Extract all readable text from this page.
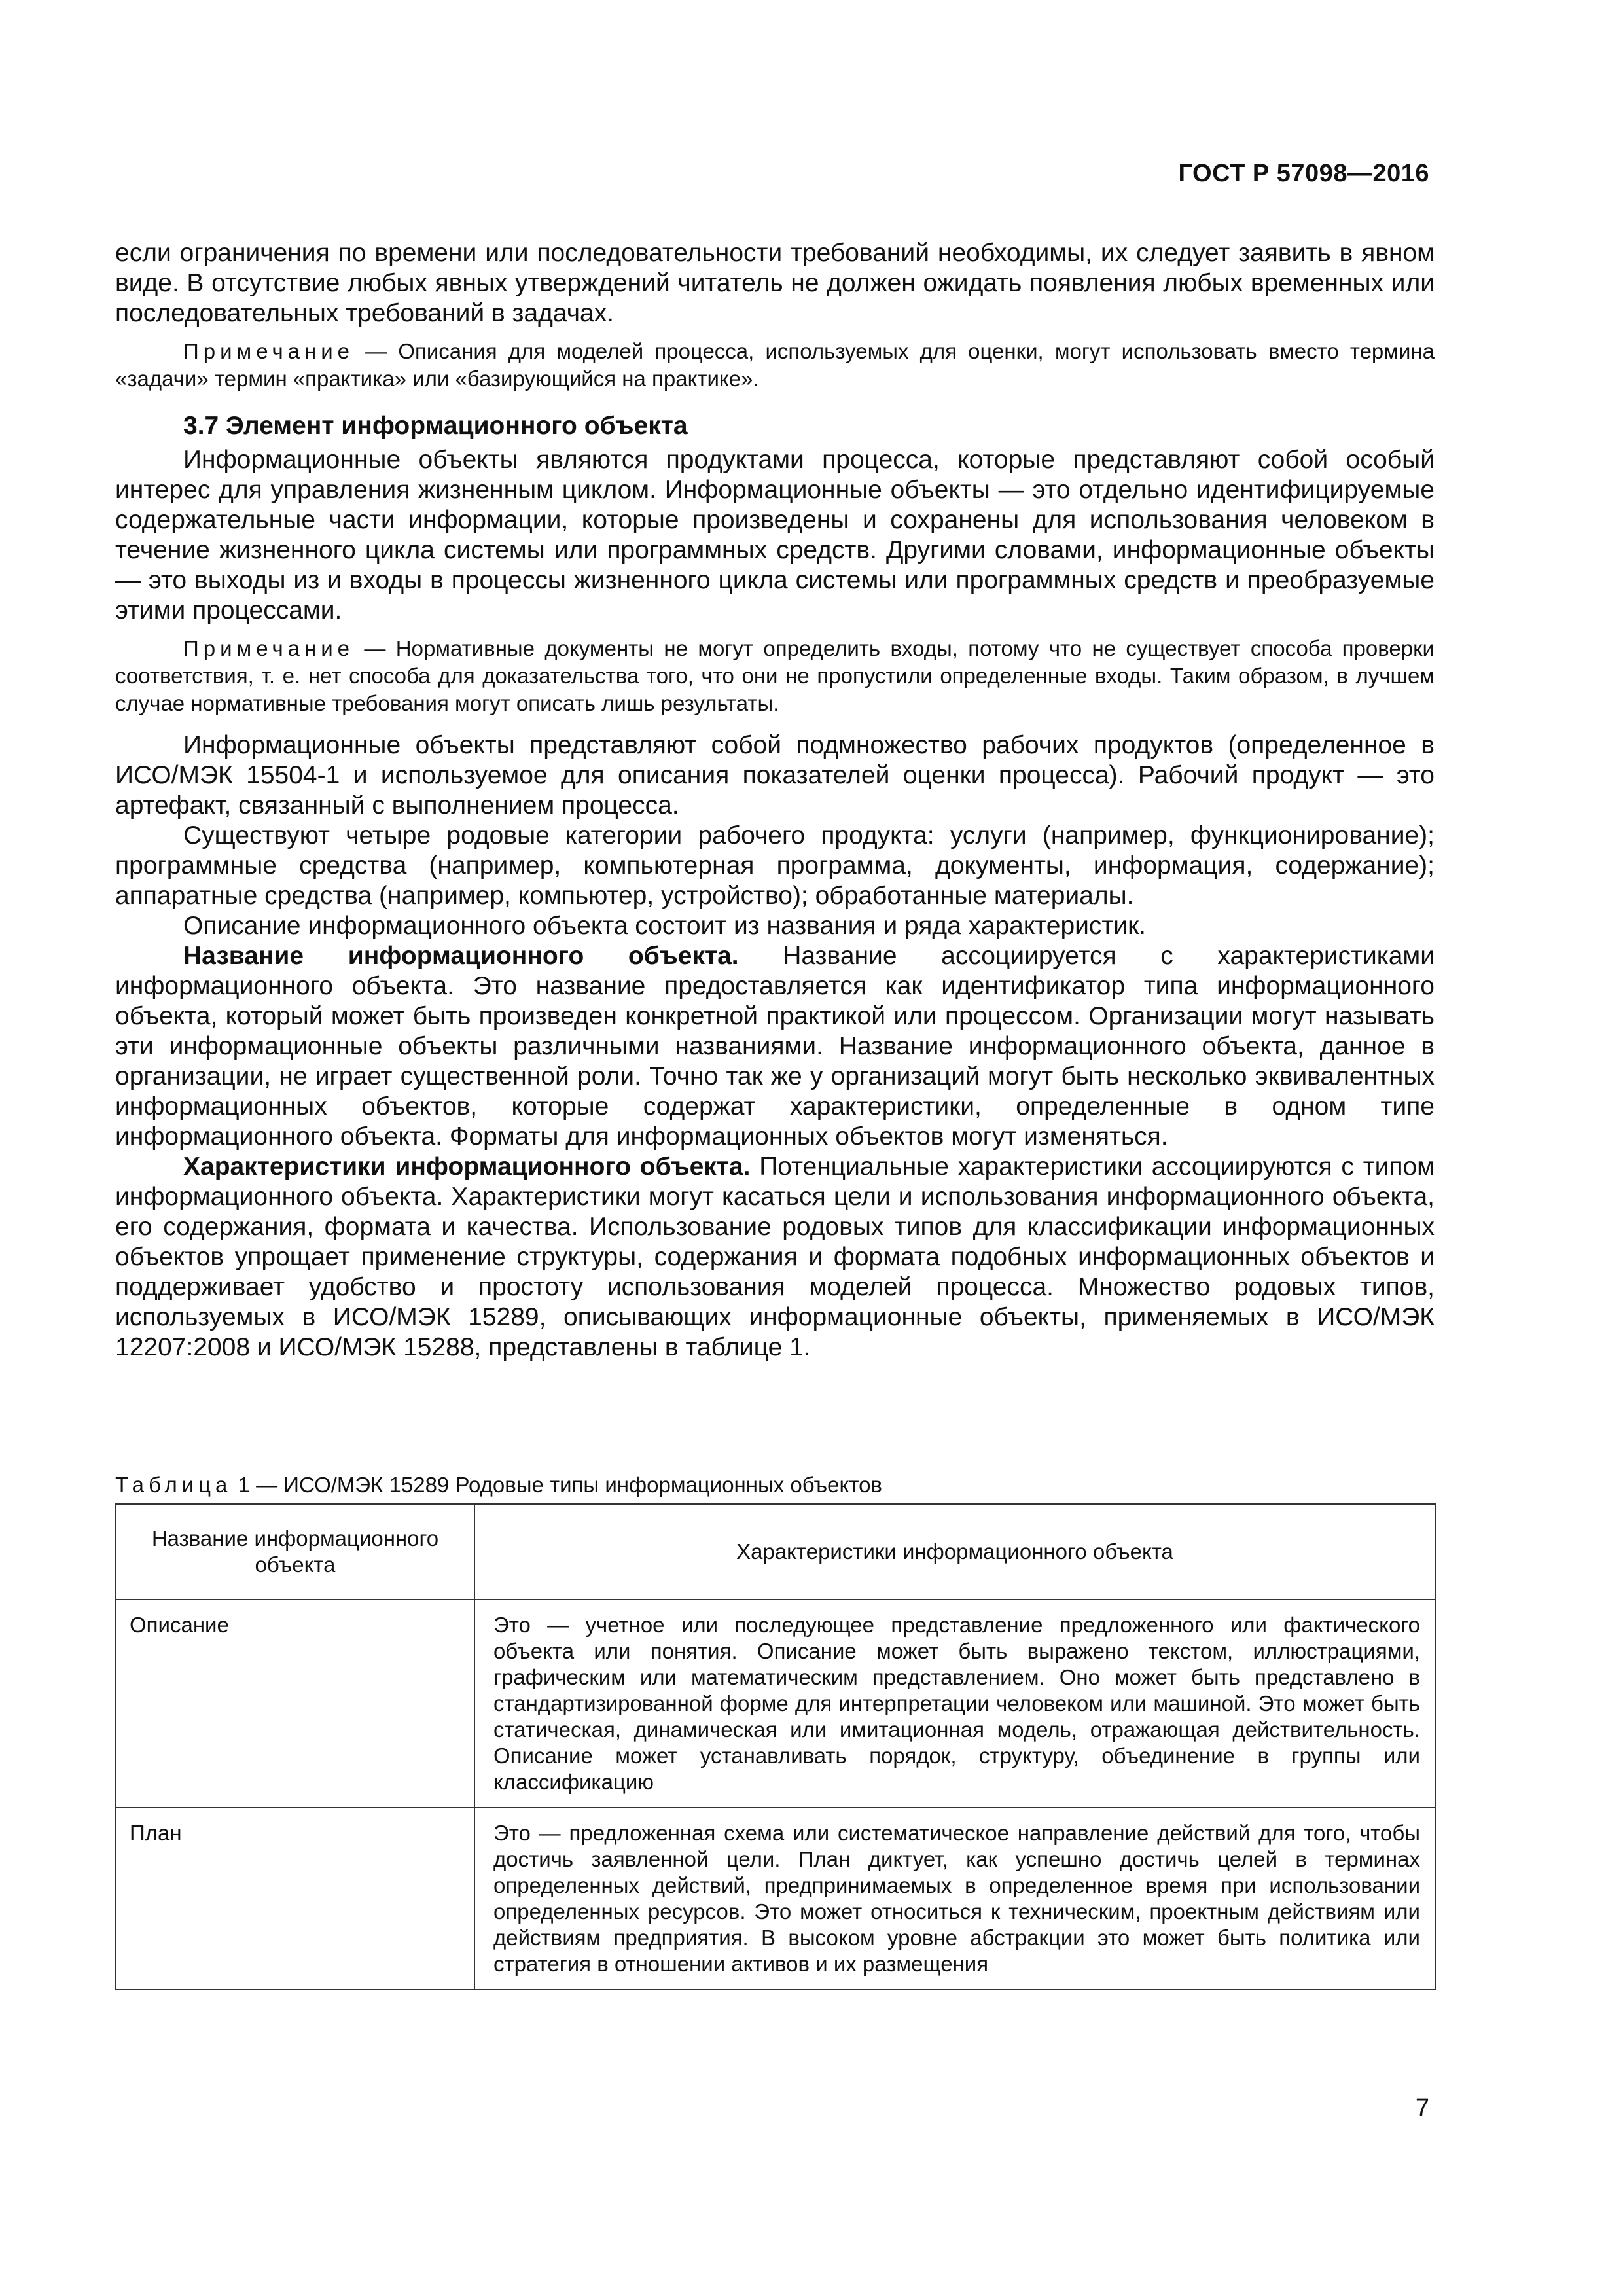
ГОСТ Р 57098—2016

если ограничения по времени или последовательности требований необходимы, их следует заявить в явном виде. В отсутствие любых явных утверждений читатель не должен ожидать появления любых временных или последовательных требований в задачах.

Примечание — Описания для моделей процесса, используемых для оценки, могут использовать вместо термина «задачи» термин «практика» или «базирующийся на практике».

3.7 Элемент информационного объекта

Информационные объекты являются продуктами процесса, которые представляют собой особый интерес для управления жизненным циклом. Информационные объекты — это отдельно идентифицируемые содержательные части информации, которые произведены и сохранены для использования человеком в течение жизненного цикла системы или программных средств. Другими словами, информационные объекты — это выходы из и входы в процессы жизненного цикла системы или программных средств и преобразуемые этими процессами.

Примечание — Нормативные документы не могут определить входы, потому что не существует способа проверки соответствия, т. е. нет способа для доказательства того, что они не пропустили определенные входы. Таким образом, в лучшем случае нормативные требования могут описать лишь результаты.

Информационные объекты представляют собой подмножество рабочих продуктов (определенное в ИСО/МЭК 15504-1 и используемое для описания показателей оценки процесса). Рабочий продукт — это артефакт, связанный с выполнением процесса.

Существуют четыре родовые категории рабочего продукта: услуги (например, функционирование); программные средства (например, компьютерная программа, документы, информация, содержание); аппаратные средства (например, компьютер, устройство); обработанные материалы.

Описание информационного объекта состоит из названия и ряда характеристик.

Название информационного объекта. Название ассоциируется с характеристиками информационного объекта. Это название предоставляется как идентификатор типа информационного объекта, который может быть произведен конкретной практикой или процессом. Организации могут называть эти информационные объекты различными названиями. Название информационного объекта, данное в организации, не играет существенной роли. Точно так же у организаций могут быть несколько эквивалентных информационных объектов, которые содержат характеристики, определенные в одном типе информационного объекта. Форматы для информационных объектов могут изменяться.

Характеристики информационного объекта. Потенциальные характеристики ассоциируются с типом информационного объекта. Характеристики могут касаться цели и использования информационного объекта, его содержания, формата и качества. Использование родовых типов для классификации информационных объектов упрощает применение структуры, содержания и формата подобных информационных объектов и поддерживает удобство и простоту использования моделей процесса. Множество родовых типов, используемых в ИСО/МЭК 15289, описывающих информационные объекты, применяемых в ИСО/МЭК 12207:2008 и ИСО/МЭК 15288, представлены в таблице 1.

Таблица 1 — ИСО/МЭК 15289 Родовые типы информационных объектов
Название информационного объекта	Характеристики информационного объекта
Описание	Это — учетное или последующее представление предложенного или фактического объекта или понятия. Описание может быть выражено текстом, иллюстрациями, графическим или математическим представлением. Оно может быть представлено в стандартизированной форме для интерпретации человеком или машиной. Это может быть статическая, динамическая или имитационная модель, отражающая действительность. Описание может устанавливать порядок, структуру, объединение в группы или классификацию
План	Это — предложенная схема или систематическое направление действий для того, чтобы достичь заявленной цели. План диктует, как успешно достичь целей в терминах определенных действий, предпринимаемых в определенное время при использовании определенных ресурсов. Это может относиться к техническим, проектным действиям или действиям предприятия. В высоком уровне абстракции это может быть политика или стратегия в отношении активов и их размещения
7
